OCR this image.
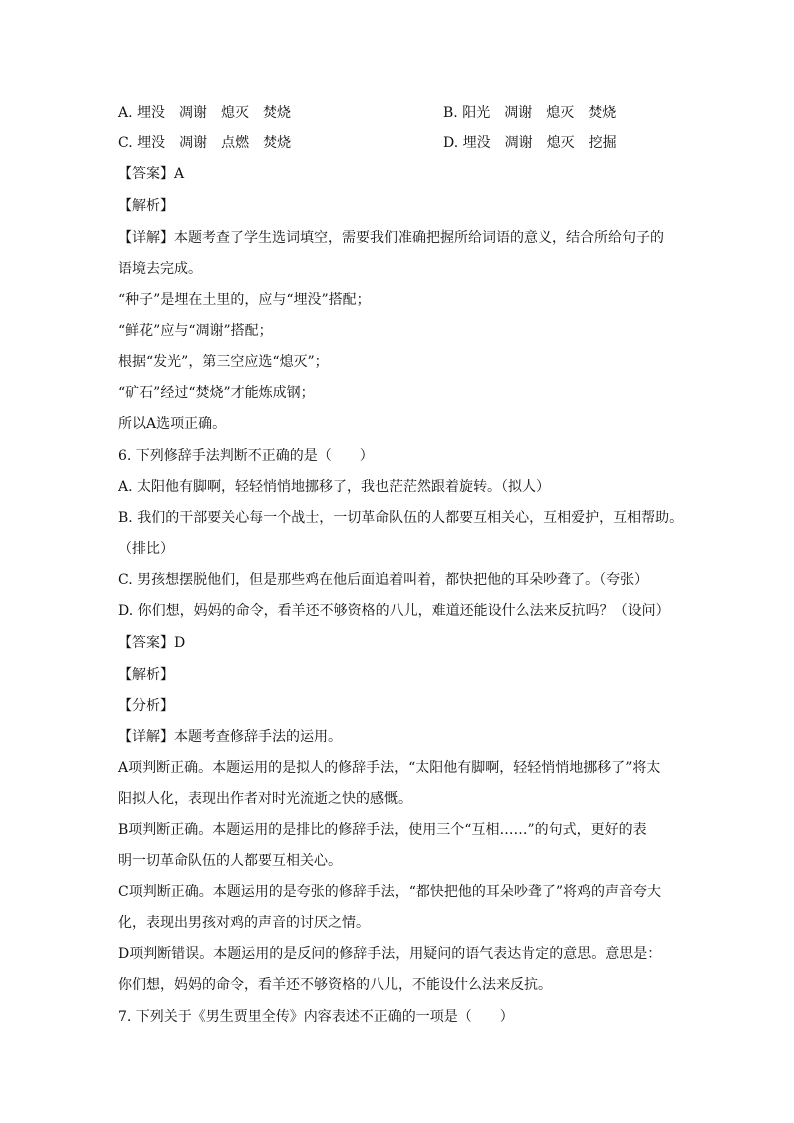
A. 埋没　凋谢　熄灭　焚烧	B. 阳光　凋谢　熄灭　焚烧
C. 埋没　凋谢　点燃　焚烧	D. 埋没　凋谢　熄灭　挖掘
【答案】A
【解析】
【详解】本题考查了学生选词填空，需要我们准确把握所给词语的意义，结合所给句子的
语境去完成。
“种子”是埋在土里的，应与“埋没”搭配；
“鲜花”应与“凋谢”搭配；
根据“发光”，第三空应选“熄灭”；
“矿石”经过“焚烧”才能炼成钢；
所以A选项正确。
6. 下列修辞手法判断不正确的是（　　）
A. 太阳他有脚啊，轻轻悄悄地挪移了，我也茫茫然跟着旋转。（拟人）
B. 我们的干部要关心每一个战士，一切革命队伍的人都要互相关心，互相爱护，互相帮助。
（排比）
C. 男孩想摆脱他们，但是那些鸡在他后面追着叫着，都快把他的耳朵吵聋了。（夸张）
D. 你们想，妈妈的命令，看羊还不够资格的八儿，难道还能设什么法来反抗吗？（设问）
【答案】D
【解析】
【分析】
【详解】本题考查修辞手法的运用。
A项判断正确。本题运用的是拟人的修辞手法，“太阳他有脚啊，轻轻悄悄地挪移了”将太
阳拟人化，表现出作者对时光流逝之快的感慨。
B项判断正确。本题运用的是排比的修辞手法，使用三个“互相……”的句式，更好的表
明一切革命队伍的人都要互相关心。
C项判断正确。本题运用的是夸张的修辞手法，“都快把他的耳朵吵聋了”将鸡的声音夸大
化，表现出男孩对鸡的声音的讨厌之情。
D项判断错误。本题运用的是反问的修辞手法，用疑问的语气表达肯定的意思。意思是：
你们想，妈妈的命令，看羊还不够资格的八儿，不能设什么法来反抗。
7. 下列关于《男生贾里全传》内容表述不正确的一项是（　　）
